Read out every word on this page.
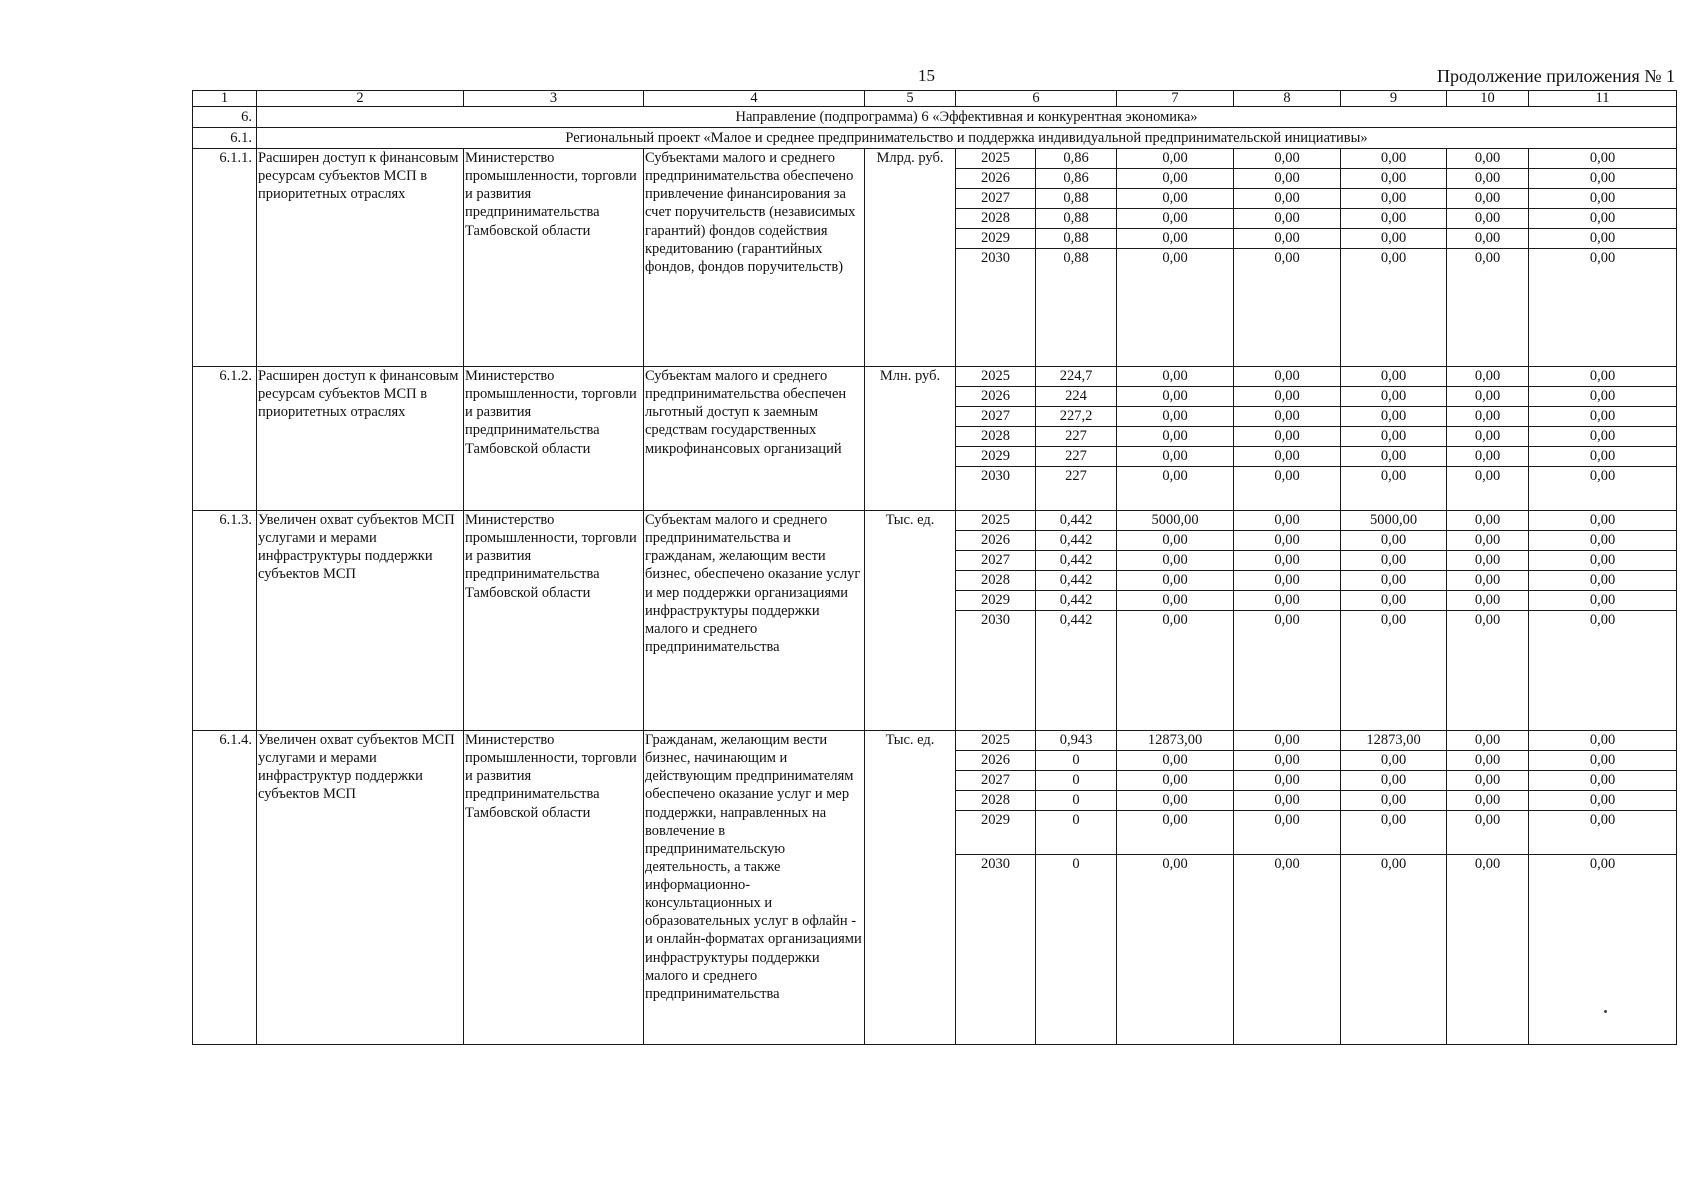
15	Продолжение приложения № 1
1	2	3	4	5	6		7	8	9	10	11
6.	Направление (подпрограмма) 6 «Эффективная и конкурентная экономика»										
6.1.	Региональный проект «Малое и среднее предпринимательство и поддержка индивидуальной предпринимательской инициативы»										
6.1.1.	Расширен доступ к финансовым ресурсам субъектов МСП в приоритетных отраслях	Министерство промышленности, торговли и развития предпринимательства Тамбовской области	Субъектами малого и среднего предпринимательства обеспечено привлечение финансирования за счет поручительств (независимых гарантий) фондов содействия кредитованию (гарантийных фондов, фондов поручительств)	Млрд. руб.	2025	0,86	0,00	0,00	0,00	0,00	0,00
					2026	0,86	0,00	0,00	0,00	0,00	0,00
					2027	0,88	0,00	0,00	0,00	0,00	0,00
					2028	0,88	0,00	0,00	0,00	0,00	0,00
					2029	0,88	0,00	0,00	0,00	0,00	0,00
					2030	0,88	0,00	0,00	0,00	0,00	0,00
6.1.2.	Расширен доступ к финансовым ресурсам субъектов МСП в приоритетных отраслях	Министерство промышленности, торговли и развития предпринимательства Тамбовской области	Субъектам малого и среднего предпринимательства обеспечен льготный доступ к заемным средствам государственных микрофинансовых организаций	Млн. руб.	2025	224,7	0,00	0,00	0,00	0,00	0,00
					2026	224	0,00	0,00	0,00	0,00	0,00
					2027	227,2	0,00	0,00	0,00	0,00	0,00
					2028	227	0,00	0,00	0,00	0,00	0,00
					2029	227	0,00	0,00	0,00	0,00	0,00
					2030	227	0,00	0,00	0,00	0,00	0,00
6.1.3.	Увеличен охват субъектов МСП услугами и мерами инфраструктуры поддержки субъектов МСП	Министерство промышленности, торговли и развития предпринимательства Тамбовской области	Субъектам малого и среднего предпринимательства и гражданам, желающим вести бизнес, обеспечено оказание услуг и мер поддержки организациями инфраструктуры поддержки малого и среднего предпринимательства	Тыс. ед.	2025	0,442	5000,00	0,00	5000,00	0,00	0,00
					2026	0,442	0,00	0,00	0,00	0,00	0,00
					2027	0,442	0,00	0,00	0,00	0,00	0,00
					2028	0,442	0,00	0,00	0,00	0,00	0,00
					2029	0,442	0,00	0,00	0,00	0,00	0,00
					2030	0,442	0,00	0,00	0,00	0,00	0,00
6.1.4.	Увеличен охват субъектов МСП услугами и мерами инфраструктур поддержки субъектов МСП	Министерство промышленности, торговли и развития предпринимательства Тамбовской области	Гражданам, желающим вести бизнес, начинающим и действующим предпринимателям обеспечено оказание услуг и мер поддержки, направленных на вовлечение в предпринимательскую деятельность, а также информационно-консультационных и образовательных услуг в офлайн - и онлайн-форматах организациями инфраструктуры поддержки малого и среднего предпринимательства	Тыс. ед.	2025	0,943	12873,00	0,00	12873,00	0,00	0,00
					2026	0	0,00	0,00	0,00	0,00	0,00
					2027	0	0,00	0,00	0,00	0,00	0,00
					2028	0	0,00	0,00	0,00	0,00	0,00
					2029	0	0,00	0,00	0,00	0,00	0,00
					2030	0	0,00	0,00	0,00	0,00	0,00
